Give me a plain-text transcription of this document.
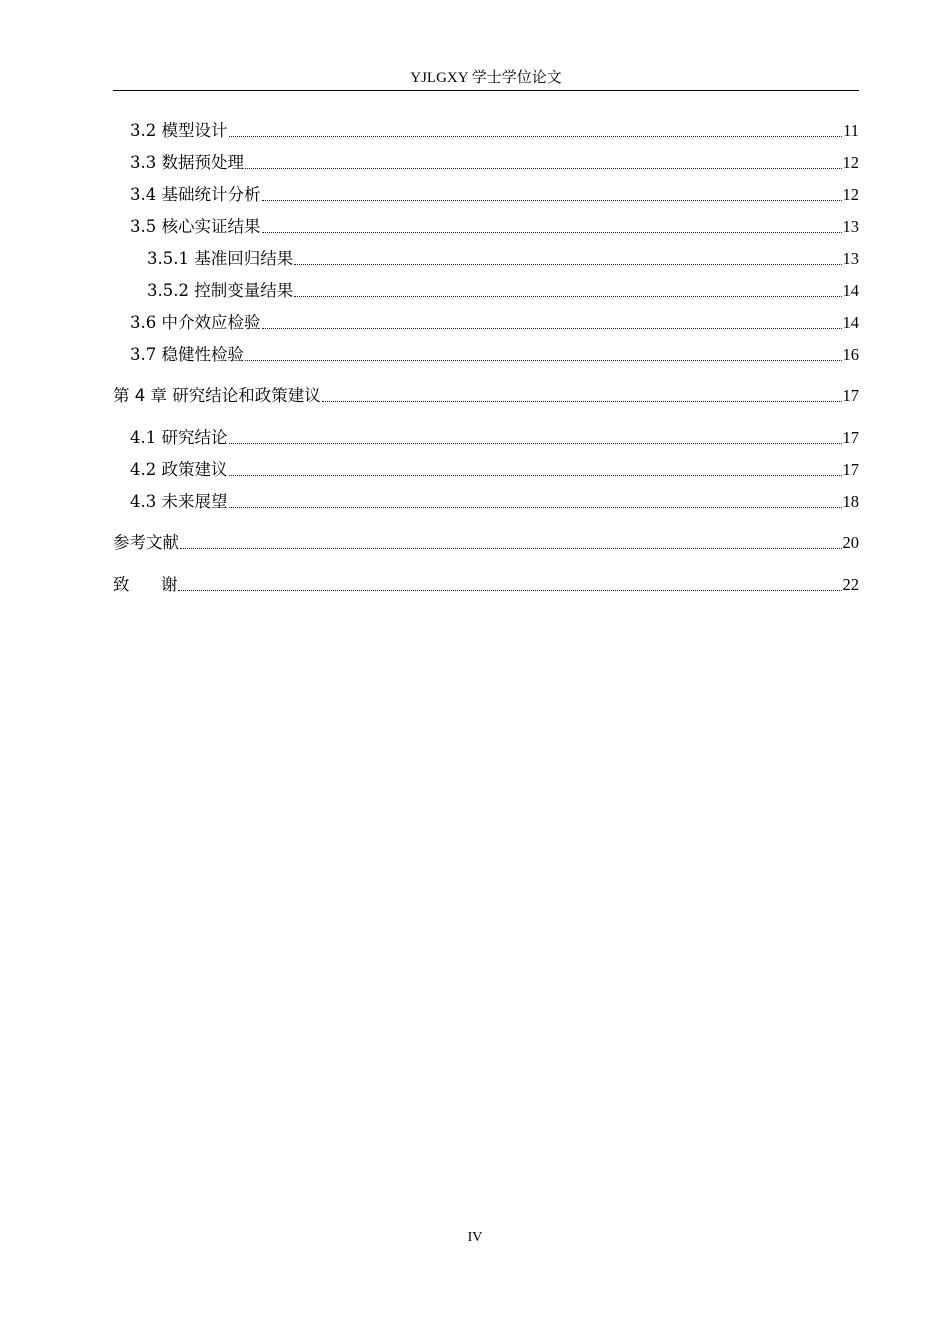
YJLGXY 学士学位论文
3.2 模型设计	11
3.3 数据预处理	12
3.4 基础统计分析	12
3.5 核心实证结果	13
3.5.1 基准回归结果	13
3.5.2 控制变量结果	14
3.6 中介效应检验	14
3.7 稳健性检验	16
第 4 章 研究结论和政策建议	17
4.1 研究结论	17
4.2 政策建议	17
4.3 未来展望	18
参考文献	20
致      谢	22
IV
